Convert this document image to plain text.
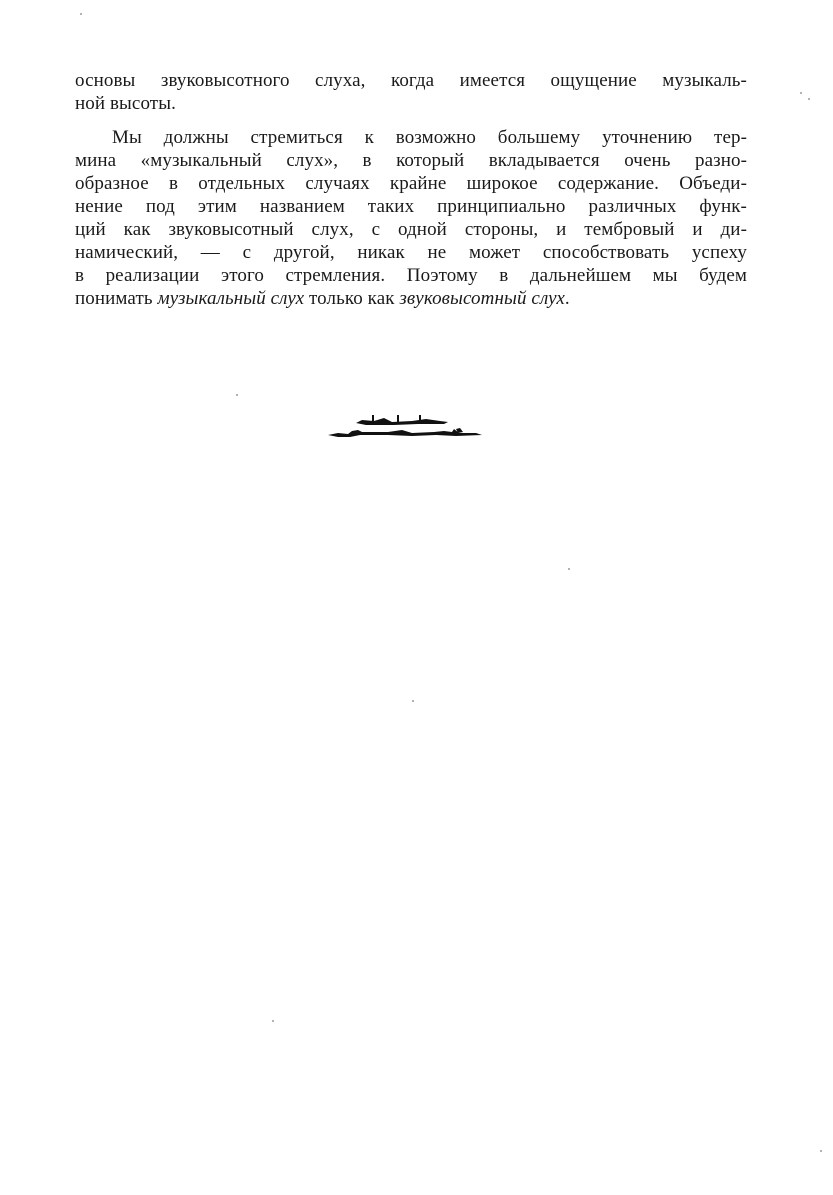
основы звуковысотного слуха, когда имеется ощущение музыкаль-
ной высоты.
Мы должны стремиться к возможно большему уточнению тер-
мина «музыкальный слух», в который вкладывается очень разно-
образное в отдельных случаях крайне широкое содержание. Объеди-
нение под этим названием таких принципиально различных функ-
ций как звуковысотный слух, с одной стороны, и тембровый и ди-
намический, — с другой, никак не может способствовать успеху
в реализации этого стремления. Поэтому в дальнейшем мы будем
понимать музыкальный слух только как звуковысотный слух.
